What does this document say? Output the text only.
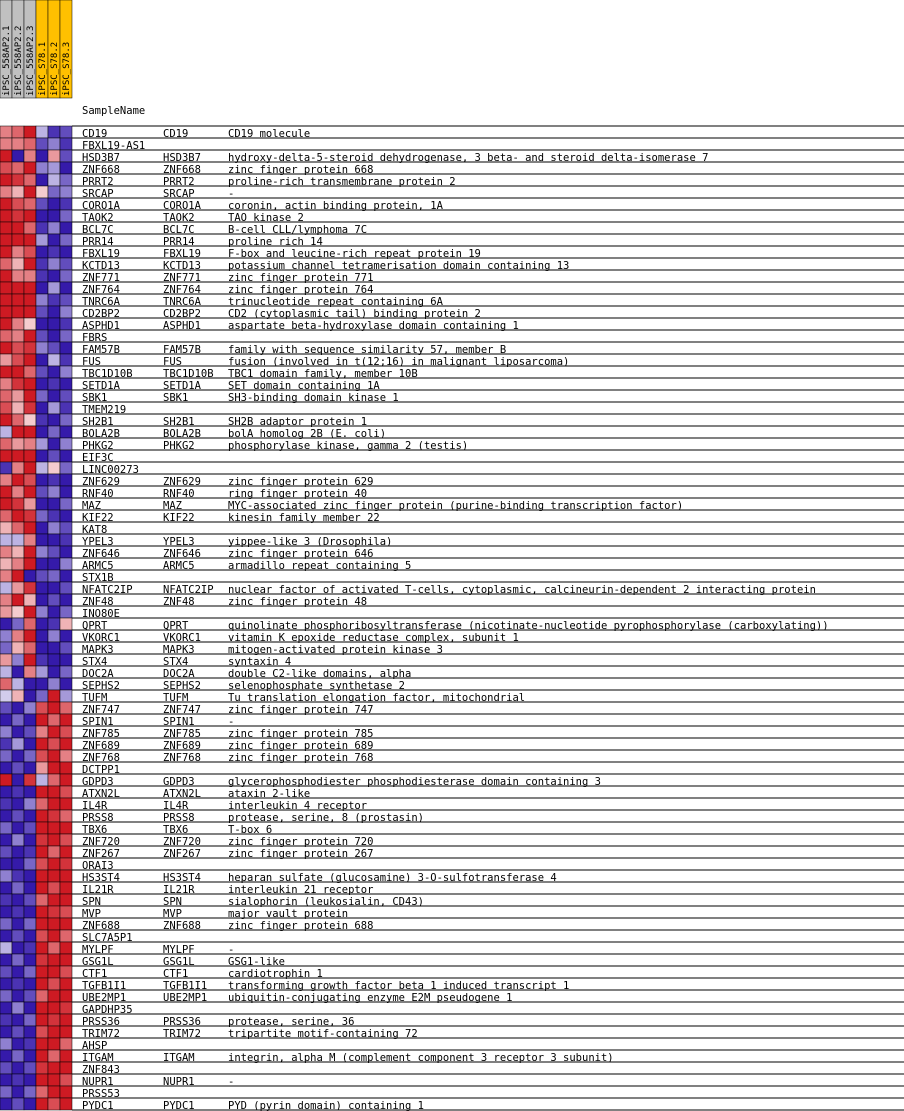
iPSC_558AP2.1 iPSC_558AP2.2 iPSC_558AP2.3 iPSC_S78.1 iPSC_S78.2 iPSC_S78.3
SampleName
CD19	CD19	CD19 molecule
FBXL19-AS1
HSD3B7	HSD3B7	hydroxy-delta-5-steroid dehydrogenase, 3 beta- and steroid delta-isomerase 7
ZNF668	ZNF668	zinc finger protein 668
PRRT2	PRRT2	proline-rich transmembrane protein 2
SRCAP	SRCAP	-
CORO1A	CORO1A	coronin, actin binding protein, 1A
TAOK2	TAOK2	TAO kinase 2
BCL7C	BCL7C	B-cell CLL/lymphoma 7C
PRR14	PRR14	proline rich 14
FBXL19	FBXL19	F-box and leucine-rich repeat protein 19
KCTD13	KCTD13	potassium channel tetramerisation domain containing 13
ZNF771	ZNF771	zinc finger protein 771
ZNF764	ZNF764	zinc finger protein 764
TNRC6A	TNRC6A	trinucleotide repeat containing 6A
CD2BP2	CD2BP2	CD2 (cytoplasmic tail) binding protein 2
ASPHD1	ASPHD1	aspartate beta-hydroxylase domain containing 1
FBRS
FAM57B	FAM57B	family with sequence similarity 57, member B
FUS	FUS	fusion (involved in t(12;16) in malignant liposarcoma)
TBC1D10B	TBC1D10B TBC1 domain family, member 10B
SETD1A	SETD1A	SET domain containing 1A
SBK1	SBK1	SH3-binding domain kinase 1
TMEM219
SH2B1	SH2B1	SH2B adaptor protein 1
BOLA2B	BOLA2B	bolA homolog 2B (E. coli)
PHKG2	PHKG2	phosphorylase kinase, gamma 2 (testis)
EIF3C
LINC00273
ZNF629	ZNF629	zinc finger protein 629
RNF40	RNF40	ring finger protein 40
MAZ	MAZ	MYC-associated zinc finger protein (purine-binding transcription factor)
KIF22	KIF22	kinesin family member 22
KAT8
YPEL3	YPEL3	yippee-like 3 (Drosophila)
ZNF646	ZNF646	zinc finger protein 646
ARMC5	ARMC5	armadillo repeat containing 5
STX1B
NFATC2IP	NFATC2IP nuclear factor of activated T-cells, cytoplasmic, calcineurin-dependent 2 interacting protein
ZNF48	ZNF48	zinc finger protein 48
INO80E
QPRT	QPRT	quinolinate phosphoribosyltransferase (nicotinate-nucleotide pyrophosphorylase (carboxylating))
VKORC1	VKORC1	vitamin K epoxide reductase complex, subunit 1
MAPK3	MAPK3	mitogen-activated protein kinase 3
STX4	STX4	syntaxin 4
DOC2A	DOC2A	double C2-like domains, alpha
SEPHS2	SEPHS2	selenophosphate synthetase 2
TUFM	TUFM	Tu translation elongation factor, mitochondrial
ZNF747	ZNF747	zinc finger protein 747
SPIN1	SPIN1	-
ZNF785	ZNF785	zinc finger protein 785
ZNF689	ZNF689	zinc finger protein 689
ZNF768	ZNF768	zinc finger protein 768
DCTPP1
GDPD3	GDPD3	glycerophosphodiester phosphodiesterase domain containing 3
ATXN2L	ATXN2L	ataxin 2-like
IL4R	IL4R	interleukin 4 receptor
PRSS8	PRSS8	protease, serine, 8 (prostasin)
TBX6	TBX6	T-box 6
ZNF720	ZNF720	zinc finger protein 720
ZNF267	ZNF267	zinc finger protein 267
ORAI3
HS3ST4	HS3ST4	heparan sulfate (glucosamine) 3-O-sulfotransferase 4
IL21R	IL21R	interleukin 21 receptor
SPN	SPN	sialophorin (leukosialin, CD43)
MVP	MVP	major vault protein
ZNF688	ZNF688	zinc finger protein 688
SLC7A5P1
MYLPF	MYLPF	-
GSG1L	GSG1L	GSG1-like
CTF1	CTF1	cardiotrophin 1
TGFB1I1	TGFB1I1 transforming growth factor beta 1 induced transcript 1
UBE2MP1	UBE2MP1 ubiquitin-conjugating enzyme E2M pseudogene 1
GAPDHP35
PRSS36	PRSS36	protease, serine, 36
TRIM72	TRIM72	tripartite motif-containing 72
AHSP
ITGAM	ITGAM	integrin, alpha M (complement component 3 receptor 3 subunit)
ZNF843
NUPR1	NUPR1	-
PRSS53
PYDC1	PYDC1	PYD (pyrin domain) containing 1
